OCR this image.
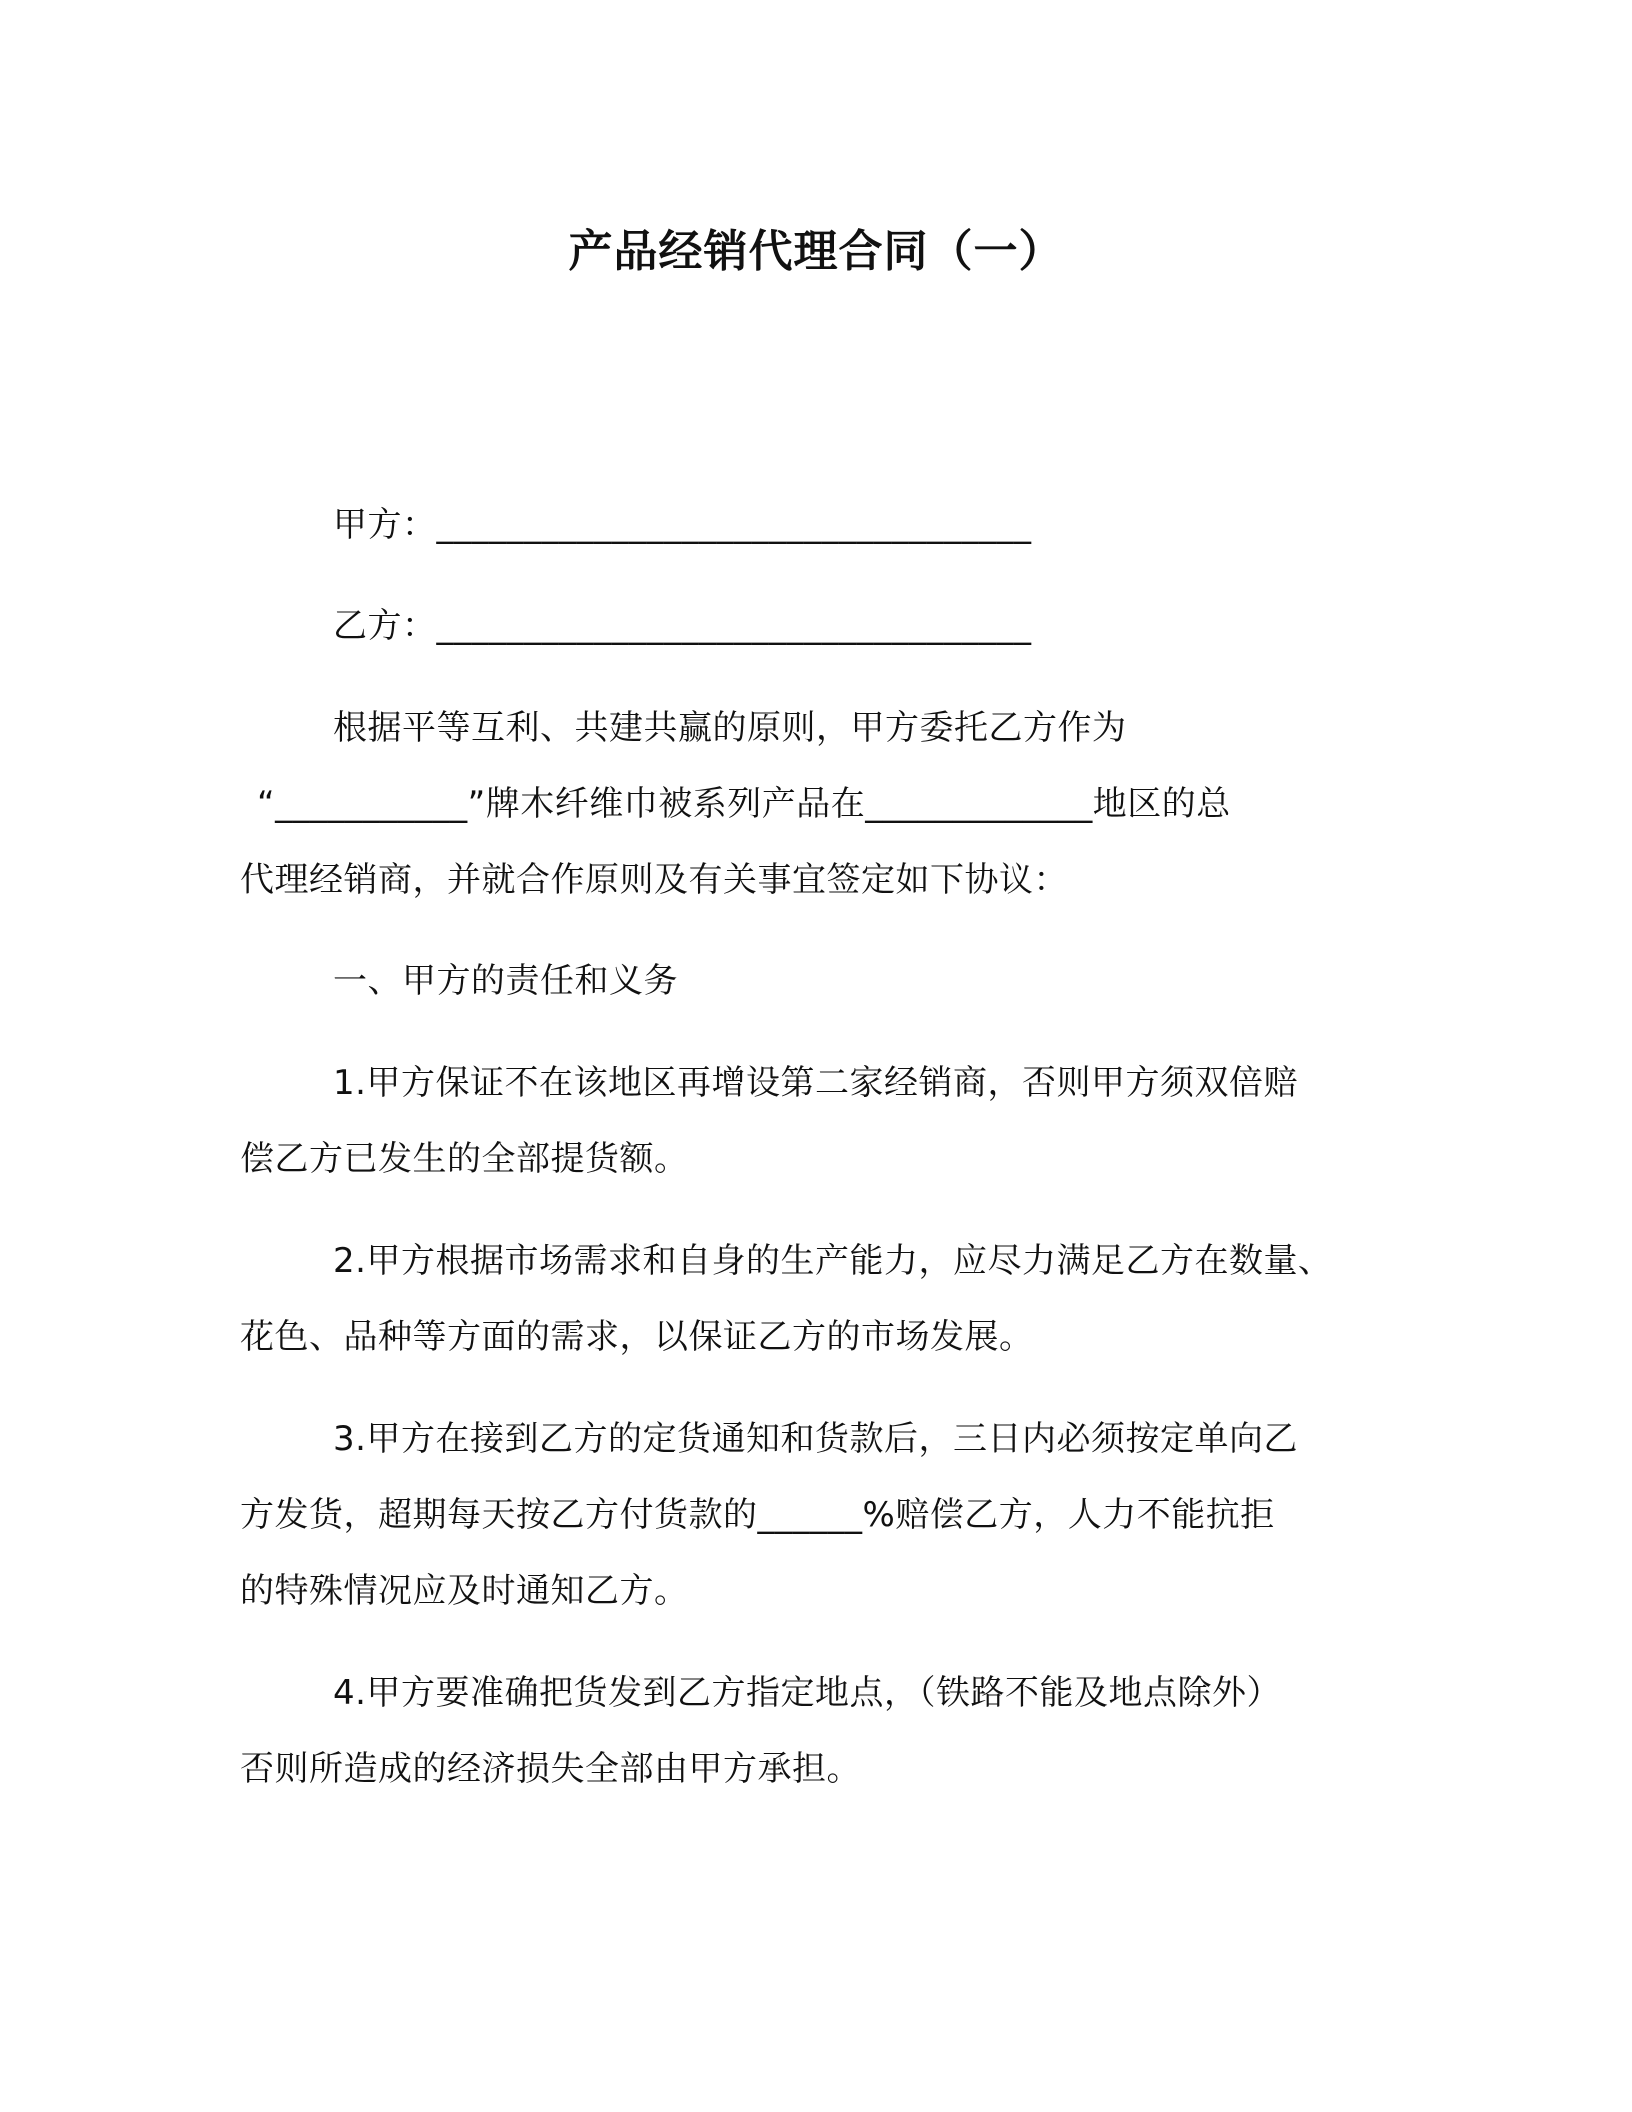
产品经销代理合同（一）
甲方：__________________________________
乙方：__________________________________
根据平等互利、共建共赢的原则，甲方委托乙方作为
“___________”牌木纤维巾被系列产品在_____________地区的总
代理经销商，并就合作原则及有关事宜签定如下协议：
一、甲方的责任和义务
1.甲方保证不在该地区再增设第二家经销商，否则甲方须双倍赔
偿乙方已发生的全部提货额。
2.甲方根据市场需求和自身的生产能力，应尽力满足乙方在数量、
花色、品种等方面的需求，以保证乙方的市场发展。
3.甲方在接到乙方的定货通知和货款后，三日内必须按定单向乙
方发货，超期每天按乙方付货款的______%赔偿乙方，人力不能抗拒
的特殊情况应及时通知乙方。
4.甲方要准确把货发到乙方指定地点，（铁路不能及地点除外）
否则所造成的经济损失全部由甲方承担。
